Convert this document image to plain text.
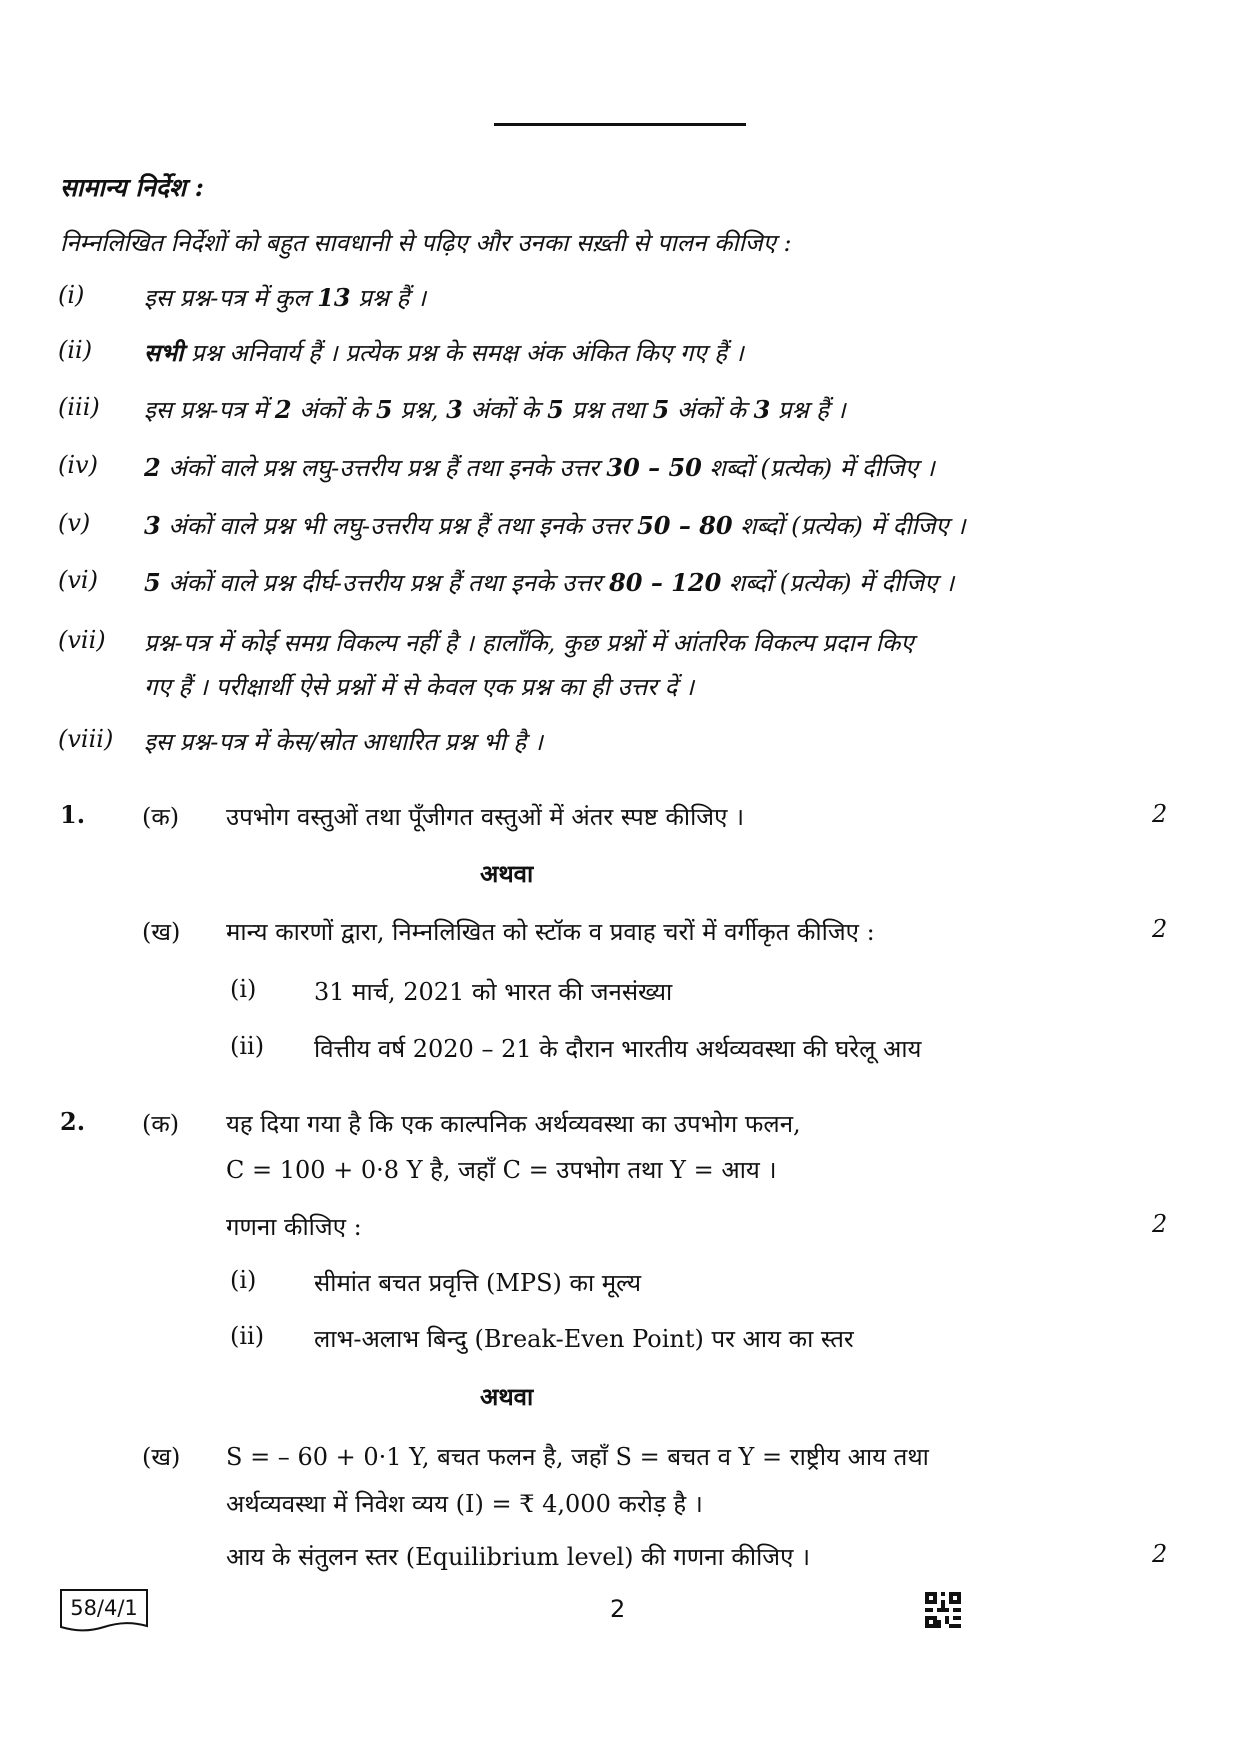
सामान्य निर्देश :
निम्नलिखित निर्देशों को बहुत सावधानी से पढ़िए और उनका सख़्ती से पालन कीजिए :
(i)	इस प्रश्न-पत्र में कुल 13 प्रश्न हैं ।
(ii)	सभी प्रश्न अनिवार्य हैं । प्रत्येक प्रश्न के समक्ष अंक अंकित किए गए हैं ।
(iii)	इस प्रश्न-पत्र में 2 अंकों के 5 प्रश्न, 3 अंकों के 5 प्रश्न तथा 5 अंकों के 3 प्रश्न हैं ।
(iv)	2 अंकों वाले प्रश्न लघु-उत्तरीय प्रश्न हैं तथा इनके उत्तर 30 – 50 शब्दों (प्रत्येक) में दीजिए ।
(v)	3 अंकों वाले प्रश्न भी लघु-उत्तरीय प्रश्न हैं तथा इनके उत्तर 50 – 80 शब्दों (प्रत्येक) में दीजिए ।
(vi)	5 अंकों वाले प्रश्न दीर्घ-उत्तरीय प्रश्न हैं तथा इनके उत्तर 80 – 120 शब्दों (प्रत्येक) में दीजिए ।
(vii)	प्रश्न-पत्र में कोई समग्र विकल्प नहीं है । हालाँकि, कुछ प्रश्नों में आंतरिक विकल्प प्रदान किए
गए हैं । परीक्षार्थी ऐसे प्रश्नों में से केवल एक प्रश्न का ही उत्तर दें ।
(viii)	इस प्रश्न-पत्र में केस/स्रोत आधारित प्रश्न भी है ।
1. (क) उपभोग वस्तुओं तथा पूँजीगत वस्तुओं में अंतर स्पष्ट कीजिए ।	2
अथवा
(ख) मान्य कारणों द्वारा, निम्नलिखित को स्टॉक व प्रवाह चरों में वर्गीकृत कीजिए :	2
(i) 31 मार्च, 2021 को भारत की जनसंख्या
(ii) वित्तीय वर्ष 2020 – 21 के दौरान भारतीय अर्थव्यवस्था की घरेलू आय
2. (क) यह दिया गया है कि एक काल्पनिक अर्थव्यवस्था का उपभोग फलन,
C = 100 + 0·8 Y है, जहाँ C = उपभोग तथा Y = आय ।
गणना कीजिए :	2
(i) सीमांत बचत प्रवृत्ति (MPS) का मूल्य
(ii) लाभ-अलाभ बिन्दु (Break-Even Point) पर आय का स्तर
अथवा
(ख) S = – 60 + 0·1 Y, बचत फलन है, जहाँ S = बचत व Y = राष्ट्रीय आय तथा
अर्थव्यवस्था में निवेश व्यय (I) = ₹ 4,000 करोड़ है ।
आय के संतुलन स्तर (Equilibrium level) की गणना कीजिए ।	2
58/4/1	2
